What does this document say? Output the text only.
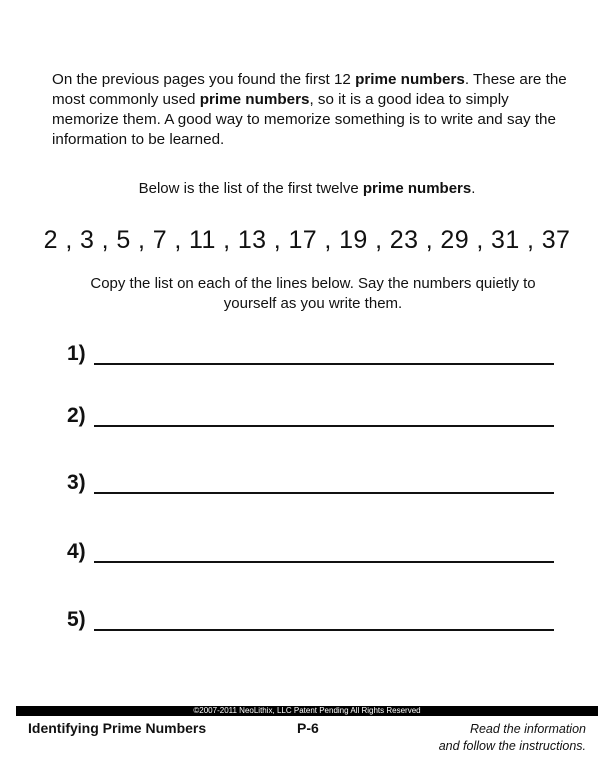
On the previous pages you found the first 12 prime numbers. These are the most commonly used prime numbers, so it is a good idea to simply memorize them. A good way to memorize something is to write and say the information to be learned.

Below is the list of the first twelve prime numbers.

2 , 3 , 5 , 7 , 11 , 13 , 17 , 19 , 23 , 29 , 31 , 37

Copy the list on each of the lines below. Say the numbers quietly to yourself as you write them.

1)
2)
3)
4)
5)
©2007-2011 NeoLithix, LLC Patent Pending All Rights Reserved

Identifying Prime Numbers	P-6	Read the information
and follow the instructions.
